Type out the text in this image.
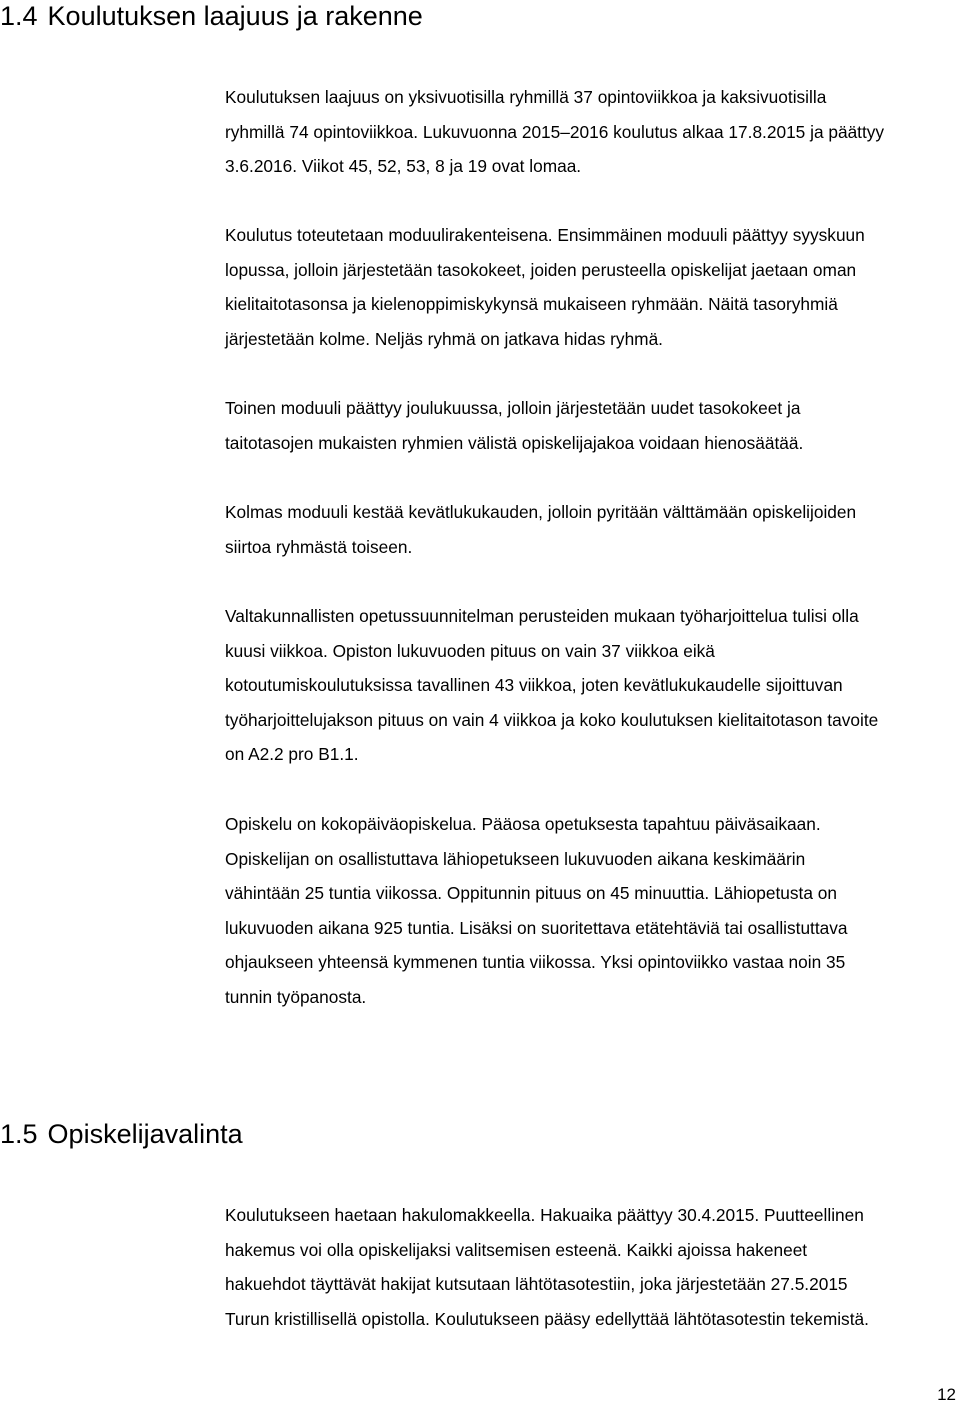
1.4 Koulutuksen laajuus ja rakenne

Koulutuksen laajuus on yksivuotisilla ryhmillä 37 opintoviikkoa ja kaksivuotisilla
ryhmillä 74 opintoviikkoa. Lukuvuonna 2015–2016 koulutus alkaa 17.8.2015 ja päättyy
3.6.2016. Viikot 45, 52, 53, 8 ja 19 ovat lomaa.

Koulutus toteutetaan moduulirakenteisena. Ensimmäinen moduuli päättyy syyskuun
lopussa, jolloin järjestetään tasokokeet, joiden perusteella opiskelijat jaetaan oman
kielitaitotasonsa ja kielenoppimiskykynsä mukaiseen ryhmään. Näitä tasoryhmiä
järjestetään kolme. Neljäs ryhmä on jatkava hidas ryhmä.

Toinen moduuli päättyy joulukuussa, jolloin järjestetään uudet tasokokeet ja
taitotasojen mukaisten ryhmien välistä opiskelijajakoa voidaan hienosäätää.

Kolmas moduuli kestää kevätlukukauden, jolloin pyritään välttämään opiskelijoiden
siirtoa ryhmästä toiseen.

Valtakunnallisten opetussuunnitelman perusteiden mukaan työharjoittelua tulisi olla
kuusi viikkoa. Opiston lukuvuoden pituus on vain 37 viikkoa eikä
kotoutumiskoulutuksissa tavallinen 43 viikkoa, joten kevätlukukaudelle sijoittuvan
työharjoittelujakson pituus on vain 4 viikkoa ja koko koulutuksen kielitaitotason tavoite
on A2.2 pro B1.1.

Opiskelu on kokopäiväopiskelua. Pääosa opetuksesta tapahtuu päiväsaikaan.
Opiskelijan on osallistuttava lähiopetukseen lukuvuoden aikana keskimäärin
vähintään 25 tuntia viikossa. Oppitunnin pituus on 45 minuuttia. Lähiopetusta on
lukuvuoden aikana 925 tuntia. Lisäksi on suoritettava etätehtäviä tai osallistuttava
ohjaukseen yhteensä kymmenen tuntia viikossa. Yksi opintoviikko vastaa noin 35
tunnin työpanosta.

1.5 Opiskelijavalinta

Koulutukseen haetaan hakulomakkeella. Hakuaika päättyy 30.4.2015. Puutteellinen
hakemus voi olla opiskelijaksi valitsemisen esteenä. Kaikki ajoissa hakeneet
hakuehdot täyttävät hakijat kutsutaan lähtötasotestiin, joka järjestetään 27.5.2015
Turun kristillisellä opistolla. Koulutukseen pääsy edellyttää lähtötasotestin tekemistä.

12
